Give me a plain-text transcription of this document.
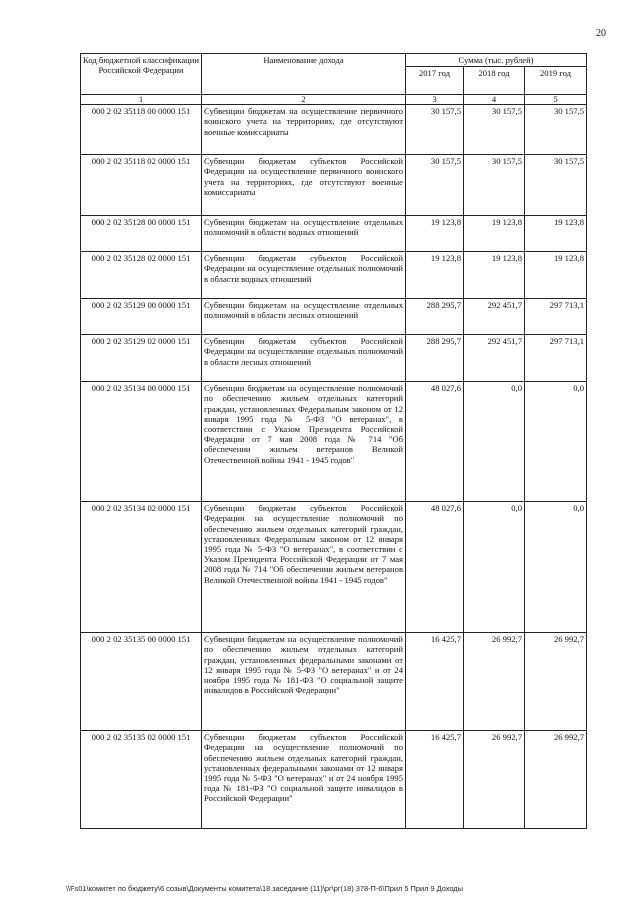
20
Код бюджетной классификации Российской Федерации	Наименование дохода	Сумма (тыс. рублей)		
		2017 год	2018 год	2019 год
1	2	3	4	5
000 2 02 35118 00 0000 151	Субвенции бюджетам на осуществление первичного воинского учета на территориях, где отсутствуют военные комиссариаты	30 157,5	30 157,5	30 157,5
000 2 02 35118 02 0000 151	Субвенции бюджетам субъектов Российской Федерации на осуществление первичного воинского учета на территориях, где отсутствуют военные комиссариаты	30 157,5	30 157,5	30 157,5
000 2 02 35128 00 0000 151	Субвенции бюджетам на осуществление отдельных полномочий в области водных отношений	19 123,8	19 123,8	19 123,8
000 2 02 35128 02 0000 151	Субвенции бюджетам субъектов Российской Федерации на осуществление отдельных полномочий в области водных отношений	19 123,8	19 123,8	19 123,8
000 2 02 35129 00 0000 151	Субвенции бюджетам на осуществление отдельных полномочий в области лесных отношений	288 295,7	292 451,7	297 713,1
000 2 02 35129 02 0000 151	Субвенции бюджетам субъектов Российской Федерации на осуществление отдельных полномочий в области лесных отношений	288 295,7	292 451,7	297 713,1
000 2 02 35134 00 0000 151	Субвенции бюджетам на осуществление полномочий по обеспечению жильем отдельных категорий граждан, установленных Федеральным законом от 12 января 1995 года № 5-ФЗ "О ветеранах", в соответствии с Указом Президента Российской Федерации от 7 мая 2008 года № 714 "Об обеспечении жильем ветеранов Великой Отечественной войны 1941 - 1945 годов"	48 027,6	0,0	0,0
000 2 02 35134 02 0000 151	Субвенции бюджетам субъектов Российской Федерации на осуществление полномочий по обеспечению жильем отдельных категорий граждан, установленных Федеральным законом от 12 января 1995 года № 5-ФЗ "О ветеранах", в соответствии с Указом Президента Российской Федерации от 7 мая 2008 года № 714 "Об обеспечении жильем ветеранов Великой Отечественной войны 1941 - 1945 годов"	48 027,6	0,0	0,0
000 2 02 35135 00 0000 151	Субвенции бюджетам на осуществление полномочий по обеспечению жильем отдельных категорий граждан, установленных федеральными законами от 12 января 1995 года № 5-ФЗ "О ветеранах" и от 24 ноября 1995 года № 181-ФЗ "О социальной защите инвалидов в Российской Федерации"	16 425,7	26 992,7	26 992,7
000 2 02 35135 02 0000 151	Субвенции бюджетам субъектов Российской Федерации на осуществление полномочий по обеспечению жильем отдельных категорий граждан, установленных федеральными законами от 12 января 1995 года № 5-ФЗ "О ветеранах" и от 24 ноября 1995 года № 181-ФЗ "О социальной защите инвалидов в Российской Федерации"	16 425,7	26 992,7	26 992,7
\\Fs01\комитет по бюджету\6 созыв\Документы комитета\18 заседание (11)\рг\рг(18) 378-П-6\Прил 5 Прил 9 Доходы
